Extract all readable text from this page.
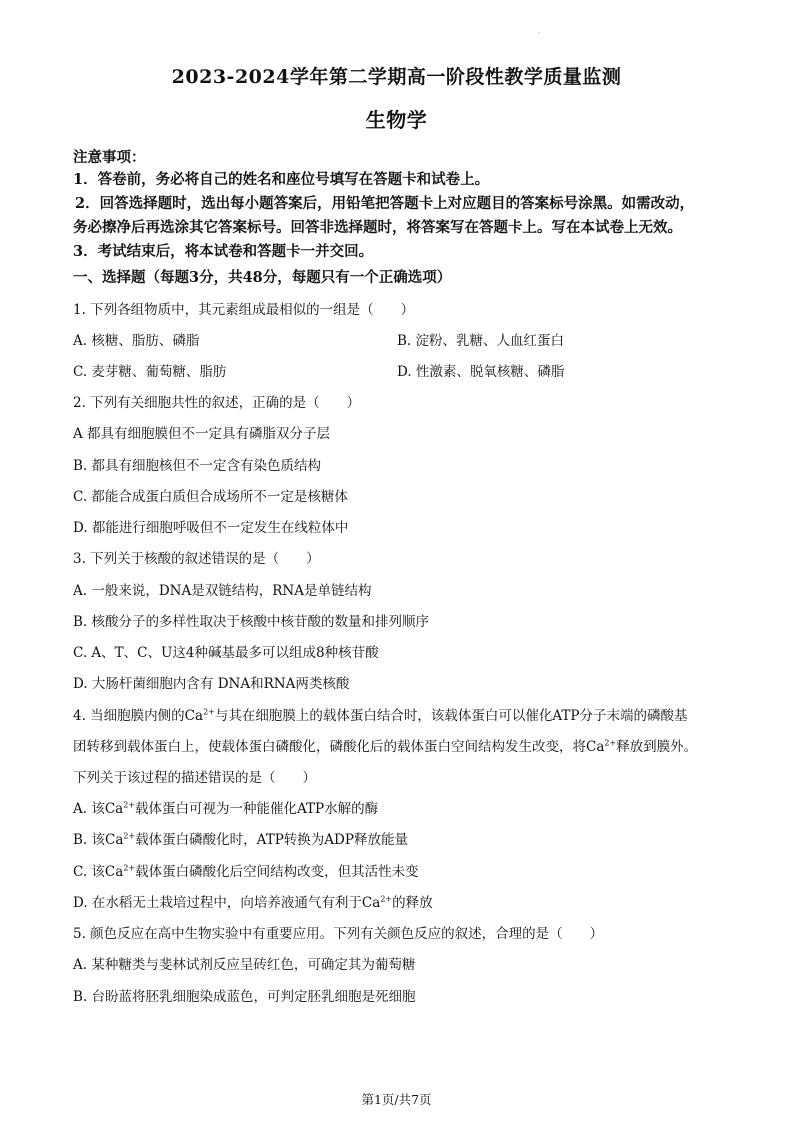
·
2023-2024学年第二学期高一阶段性教学质量监测
生物学
注意事项：
1．答卷前，务必将自己的姓名和座位号填写在答题卡和试卷上。
2．回答选择题时，选出每小题答案后，用铅笔把答题卡上对应题目的答案标号涂黑。如需改动，
务必擦净后再选涂其它答案标号。回答非选择题时，将答案写在答题卡上。写在本试卷上无效。
3．考试结束后，将本试卷和答题卡一并交回。
一、选择题（每题3分，共48分，每题只有一个正确选项）
1. 下列各组物质中，其元素组成最相似的一组是（　　）
A. 核糖、脂肪、磷脂	B. 淀粉、乳糖、人血红蛋白
C. 麦芽糖、葡萄糖、脂肪	D. 性激素、脱氧核糖、磷脂
2. 下列有关细胞共性的叙述，正确的是（　　）
A 都具有细胞膜但不一定具有磷脂双分子层
B. 都具有细胞核但不一定含有染色质结构
C. 都能合成蛋白质但合成场所不一定是核糖体
D. 都能进行细胞呼吸但不一定发生在线粒体中
3. 下列关于核酸的叙述错误的是（　　）
A. 一般来说，DNA是双链结构，RNA是单链结构
B. 核酸分子的多样性取决于核酸中核苷酸的数量和排列顺序
C. A、T、C、U这4种碱基最多可以组成8种核苷酸
D. 大肠杆菌细胞内含有 DNA和RNA两类核酸
4. 当细胞膜内侧的$Ca^{2+}$与其在细胞膜上的载体蛋白结合时，该载体蛋白可以催化ATP分子末端的磷酸基
团转移到载体蛋白上，使载体蛋白磷酸化，磷酸化后的载体蛋白空间结构发生改变，将$Ca^{2+}$释放到膜外。
下列关于该过程的描述错误的是（　　）
A. 该$Ca^{2+}$载体蛋白可视为一种能催化ATP水解的酶
B. 该$Ca^{2+}$载体蛋白磷酸化时，ATP转换为ADP释放能量
C. 该$Ca^{2+}$载体蛋白磷酸化后空间结构改变，但其活性未变
D. 在水稻无土栽培过程中，向培养液通气有利于$Ca^{2+}$的释放
5. 颜色反应在高中生物实验中有重要应用。下列有关颜色反应的叙述，合理的是（　　）
A. 某种糖类与斐林试剂反应呈砖红色，可确定其为葡萄糖
B. 台盼蓝将胚乳细胞染成蓝色，可判定胚乳细胞是死细胞
第1页/共7页
